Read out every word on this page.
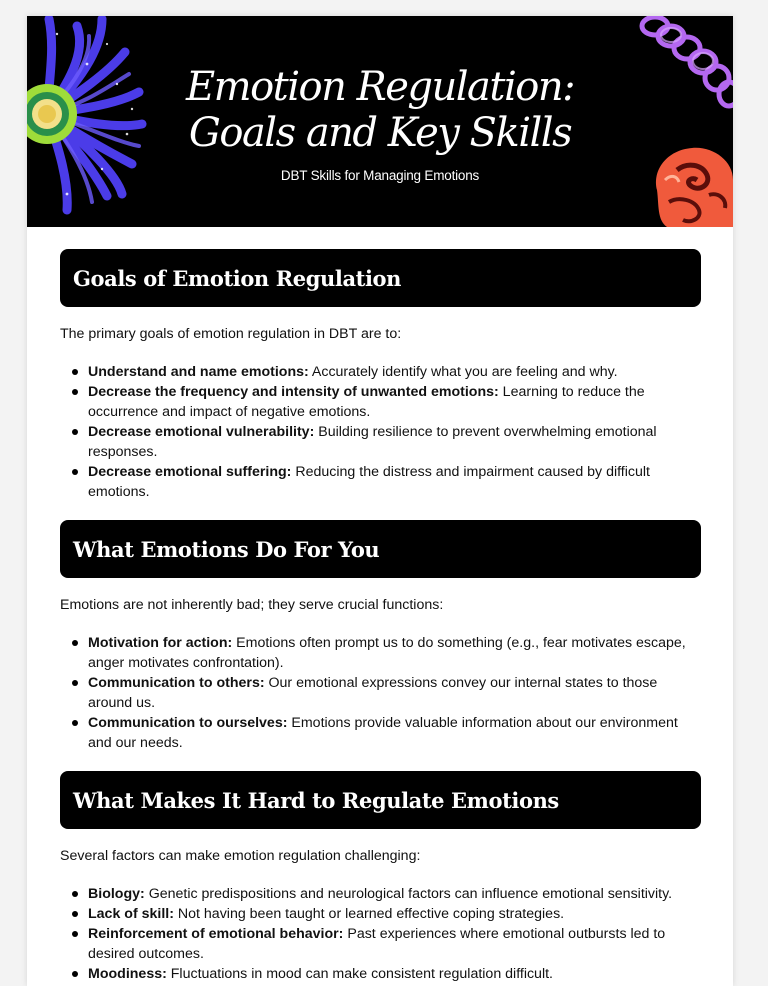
Emotion Regulation:
Goals and Key Skills
DBT Skills for Managing Emotions
Goals of Emotion Regulation
The primary goals of emotion regulation in DBT are to:
Understand and name emotions: Accurately identify what you are feeling and why.
Decrease the frequency and intensity of unwanted emotions: Learning to reduce the occurrence and impact of negative emotions.
Decrease emotional vulnerability: Building resilience to prevent overwhelming emotional responses.
Decrease emotional suffering: Reducing the distress and impairment caused by difficult emotions.
What Emotions Do For You
Emotions are not inherently bad; they serve crucial functions:
Motivation for action: Emotions often prompt us to do something (e.g., fear motivates escape, anger motivates confrontation).
Communication to others: Our emotional expressions convey our internal states to those around us.
Communication to ourselves: Emotions provide valuable information about our environment and our needs.
What Makes It Hard to Regulate Emotions
Several factors can make emotion regulation challenging:
Biology: Genetic predispositions and neurological factors can influence emotional sensitivity.
Lack of skill: Not having been taught or learned effective coping strategies.
Reinforcement of emotional behavior: Past experiences where emotional outbursts led to desired outcomes.
Moodiness: Fluctuations in mood can make consistent regulation difficult.
